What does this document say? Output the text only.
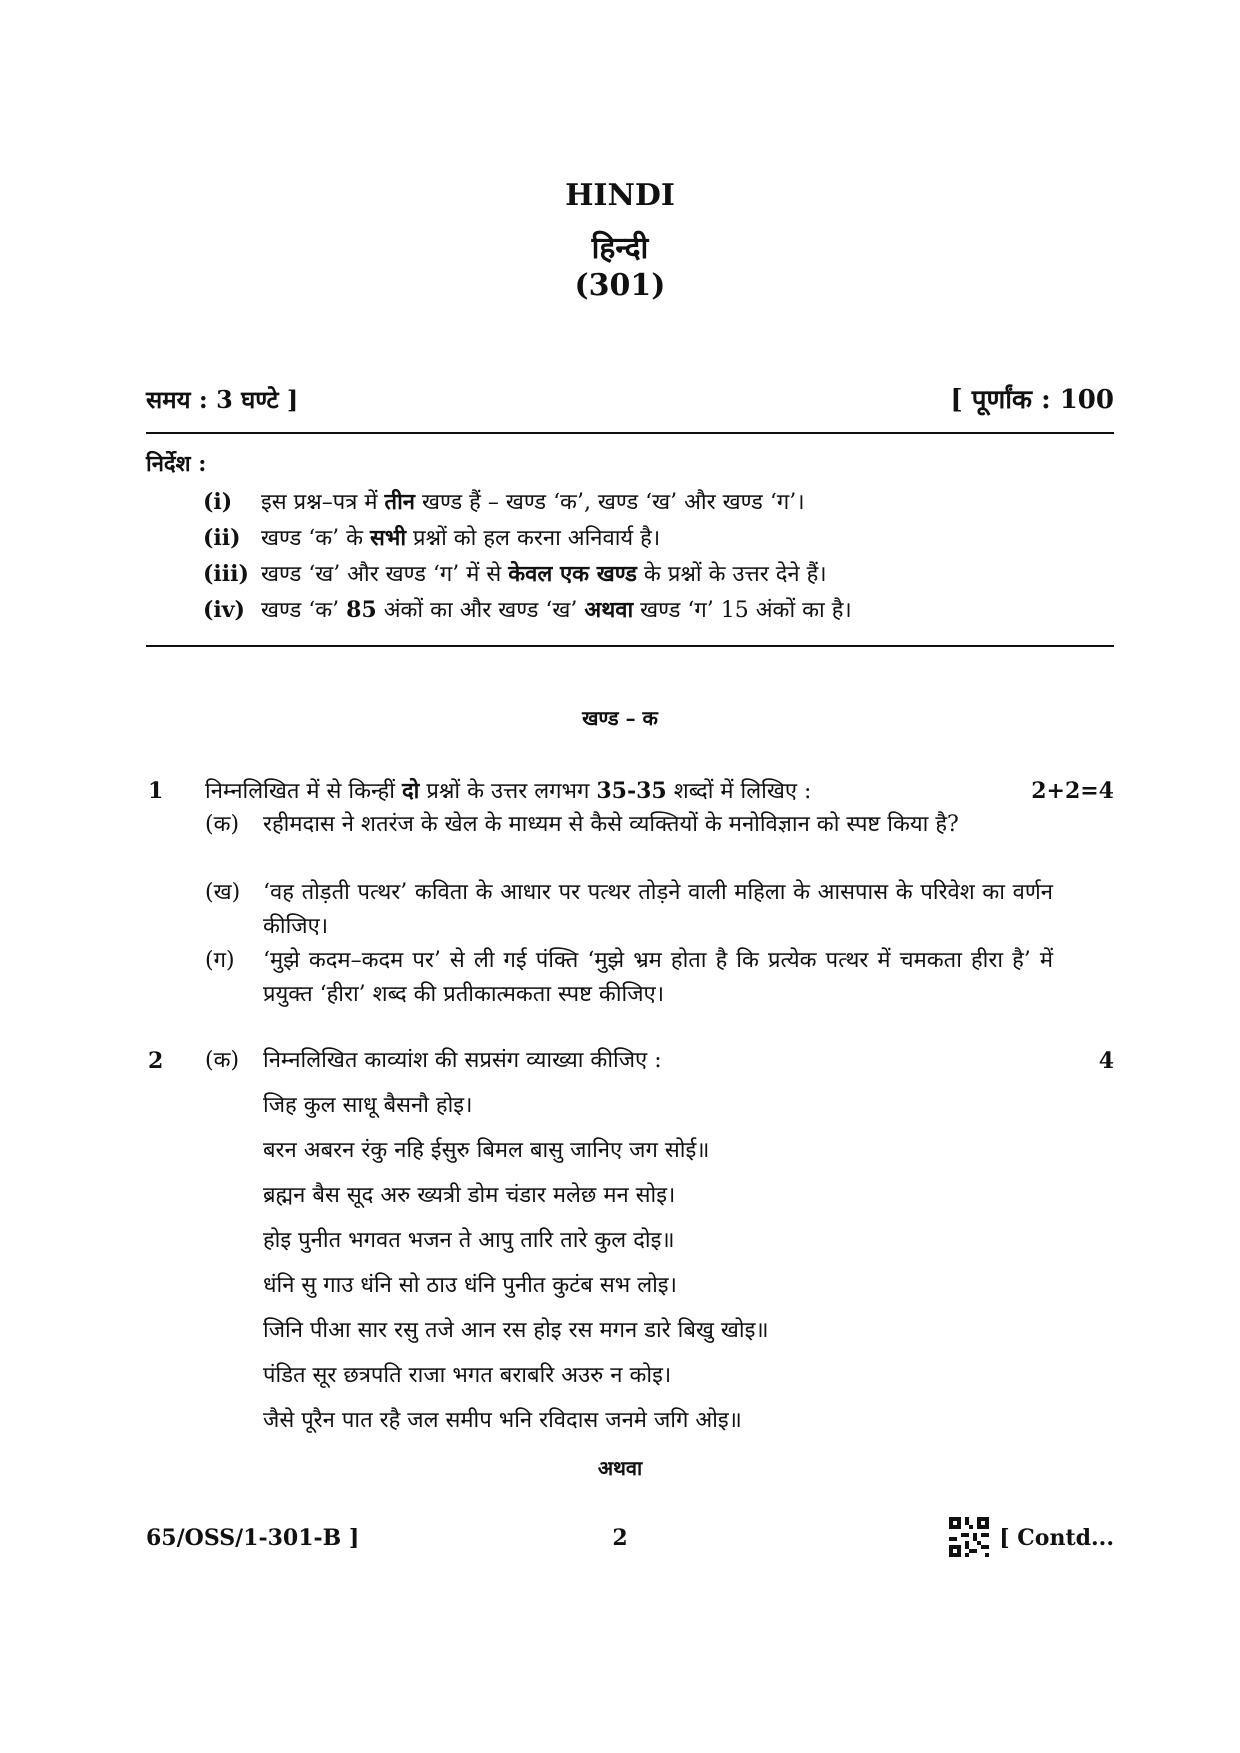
HINDI
हिन्दी
(301)
समय : 3 घण्टे ]	[ पूर्णांक : 100
निर्देश :
(i) इस प्रश्न–पत्र में तीन खण्ड हैं – खण्ड ‘क’, खण्ड ‘ख’ और खण्ड ‘ग’।
(ii) खण्ड ‘क’ के सभी प्रश्नों को हल करना अनिवार्य है।
(iii) खण्ड ‘ख’ और खण्ड ‘ग’ में से केवल एक खण्ड के प्रश्नों के उत्तर देने हैं।
(iv) खण्ड ‘क’ 85 अंकों का और खण्ड ‘ख’ अथवा खण्ड ‘ग’ 15 अंकों का है।
खण्ड – क
1 निम्नलिखित में से किन्हीं दो प्रश्नों के उत्तर लगभग 35-35 शब्दों में लिखिए :	2+2=4
(क) रहीमदास ने शतरंज के खेल के माध्यम से कैसे व्यक्तियों के मनोविज्ञान को स्पष्ट किया है?
(ख) ‘वह तोड़ती पत्थर’ कविता के आधार पर पत्थर तोड़ने वाली महिला के आसपास के परिवेश का वर्णन कीजिए।
(ग) ‘मुझे कदम–कदम पर’ से ली गई पंक्ति ‘मुझे भ्रम होता है कि प्रत्येक पत्थर में चमकता हीरा है’ में प्रयुक्त ‘हीरा’ शब्द की प्रतीकात्मकता स्पष्ट कीजिए।
2 (क) निम्नलिखित काव्यांश की सप्रसंग व्याख्या कीजिए :	4
जिह कुल साधू बैसनौ होइ।
बरन अबरन रंकु नहि ईसुरु बिमल बासु जानिए जग सोई॥
ब्रह्मन बैस सूद अरु ख्यत्री डोम चंडार मलेछ मन सोइ।
होइ पुनीत भगवत भजन ते आपु तारि तारे कुल दोइ॥
धंनि सु गाउ धंनि सो ठाउ धंनि पुनीत कुटंब सभ लोइ।
जिनि पीआ सार रसु तजे आन रस होइ रस मगन डारे बिखु खोइ॥
पंडित सूर छत्रपति राजा भगत बराबरि अउरु न कोइ।
जैसे पूरैन पात रहै जल समीप भनि रविदास जनमे जगि ओइ॥
अथवा
65/OSS/1-301-B ]	2	[ Contd...
